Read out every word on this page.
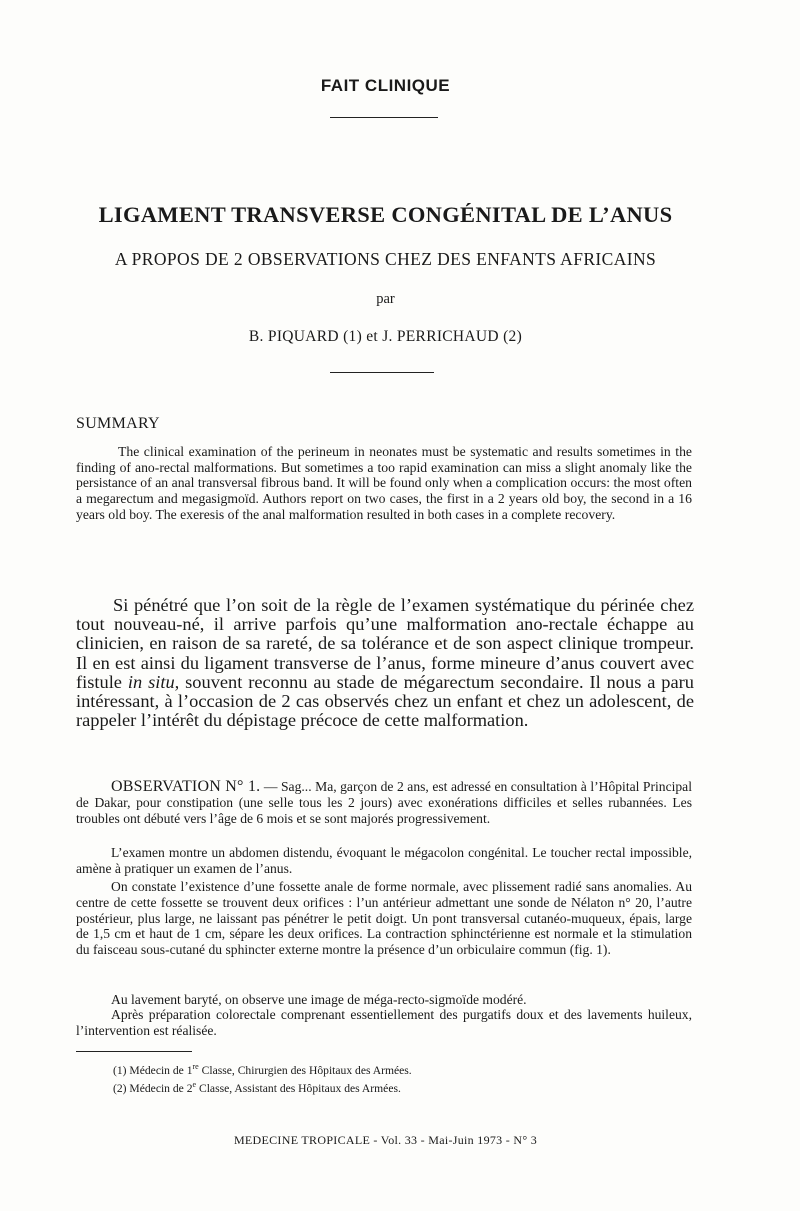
FAIT CLINIQUE
LIGAMENT TRANSVERSE CONGÉNITAL DE L’ANUS
A PROPOS DE 2 OBSERVATIONS CHEZ DES ENFANTS AFRICAINS
par
B. PIQUARD (1) et J. PERRICHAUD (2)
SUMMARY

The clinical examination of the perineum in neonates must be systematic and results sometimes in the finding of ano-rectal malformations. But sometimes a too rapid examination can miss a slight anomaly like the persistance of an anal transversal fibrous band. It will be found only when a complication occurs: the most often a megarectum and megasigmoïd. Authors report on two cases, the first in a 2 years old boy, the second in a 16 years old boy. The exeresis of the anal malformation resulted in both cases in a complete recovery.

Si pénétré que l’on soit de la règle de l’examen systématique du périnée chez tout nouveau-né, il arrive parfois qu’une malformation ano-rectale échappe au clinicien, en raison de sa rareté, de sa tolérance et de son aspect clinique trompeur. Il en est ainsi du ligament transverse de l’anus, forme mineure d’anus couvert avec fistule in situ, souvent reconnu au stade de mégarectum secondaire. Il nous a paru intéressant, à l’occasion de 2 cas observés chez un enfant et chez un adolescent, de rappeler l’intérêt du dépistage précoce de cette malformation.

OBSERVATION N° 1. — Sag... Ma, garçon de 2 ans, est adressé en consultation à l’Hôpital Principal de Dakar, pour constipation (une selle tous les 2 jours) avec exonérations difficiles et selles rubannées. Les troubles ont débuté vers l’âge de 6 mois et se sont majorés progressivement.

L’examen montre un abdomen distendu, évoquant le mégacolon congénital. Le toucher rectal impossible, amène à pratiquer un examen de l’anus.

On constate l’existence d’une fossette anale de forme normale, avec plissement radié sans anomalies. Au centre de cette fossette se trouvent deux orifices : l’un antérieur admettant une sonde de Nélaton n° 20, l’autre postérieur, plus large, ne laissant pas pénétrer le petit doigt. Un pont transversal cutanéo-muqueux, épais, large de 1,5 cm et haut de 1 cm, sépare les deux orifices. La contraction sphinctérienne est normale et la stimulation du faisceau sous-cutané du sphincter externe montre la présence d’un orbiculaire commun (fig. 1).

Au lavement baryté, on observe une image de méga-recto-sigmoïde modéré.

Après préparation colorectale comprenant essentiellement des purgatifs doux et des lavements huileux, l’intervention est réalisée.

(1) Médecin de 1re Classe, Chirurgien des Hôpitaux des Armées.
(2) Médecin de 2e Classe, Assistant des Hôpitaux des Armées.
MEDECINE TROPICALE - Vol. 33 - Mai-Juin 1973 - N° 3
